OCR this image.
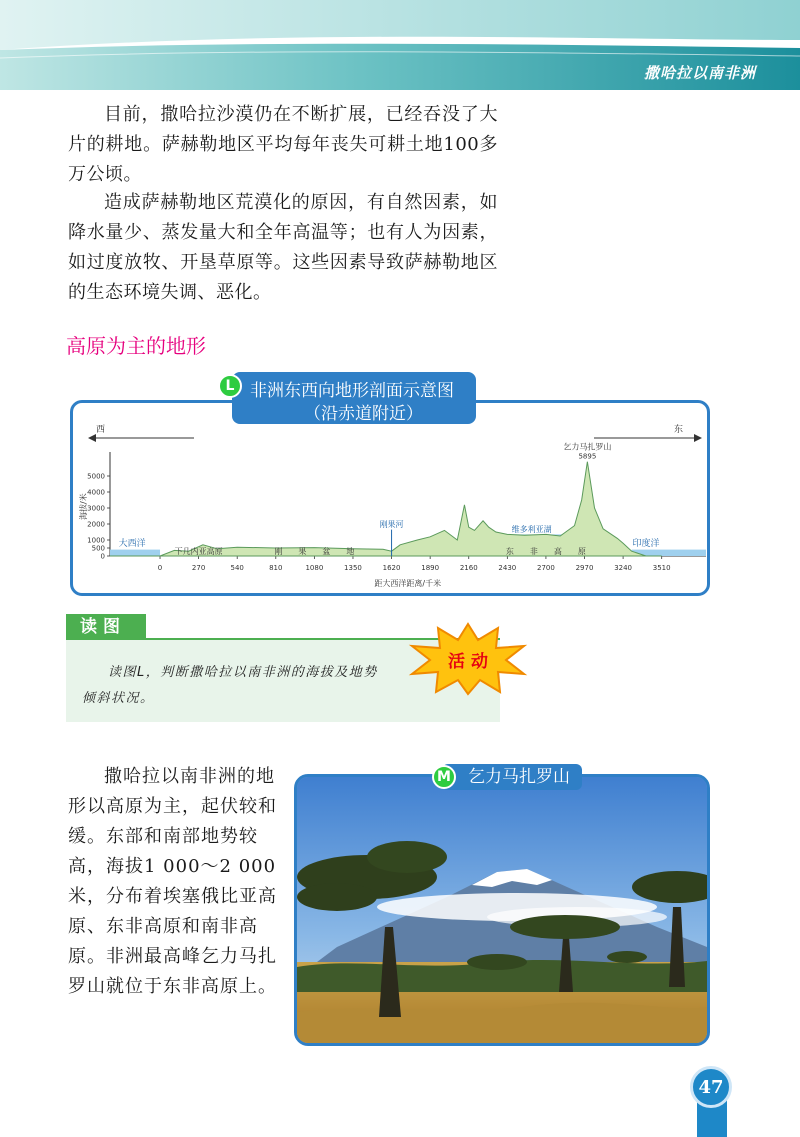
撒哈拉以南非洲

目前，撒哈拉沙漠仍在不断扩展，已经吞没了大片的耕地。萨赫勒地区平均每年丧失可耕土地100多万公顷。

造成萨赫勒地区荒漠化的原因，有自然因素，如降水量少、蒸发量大和全年高温等；也有人为因素，如过度放牧、开垦草原等。这些因素导致萨赫勒地区的生态环境失调、恶化。

高原为主的地形
非洲东西向地形剖面示意图
（沿赤道附近）
L
西	东
0
500
1000
2000
3000
4000
5000
0	270	540	810	1080	1350	1620	1890	2160	2430	2700	2970	3240	3510
海拔/米
距大西洋距离/千米
大西洋	印度洋
刚果河
维多利亚湖
下几内亚高原	刚　　果　　盆　　地	东　　非　　高　　原
乞力马扎罗山
5895
读图
读图L，判断撒哈拉以南非洲的海拔及地势倾斜状况。
活 动

撒哈拉以南非洲的地形以高原为主，起伏较和缓。东部和南部地势较高，海拔1 000～2 000米，分布着埃塞俄比亚高原、东非高原和南非高原。非洲最高峰乞力马扎罗山就位于东非高原上。

乞力马扎罗山
M
47
